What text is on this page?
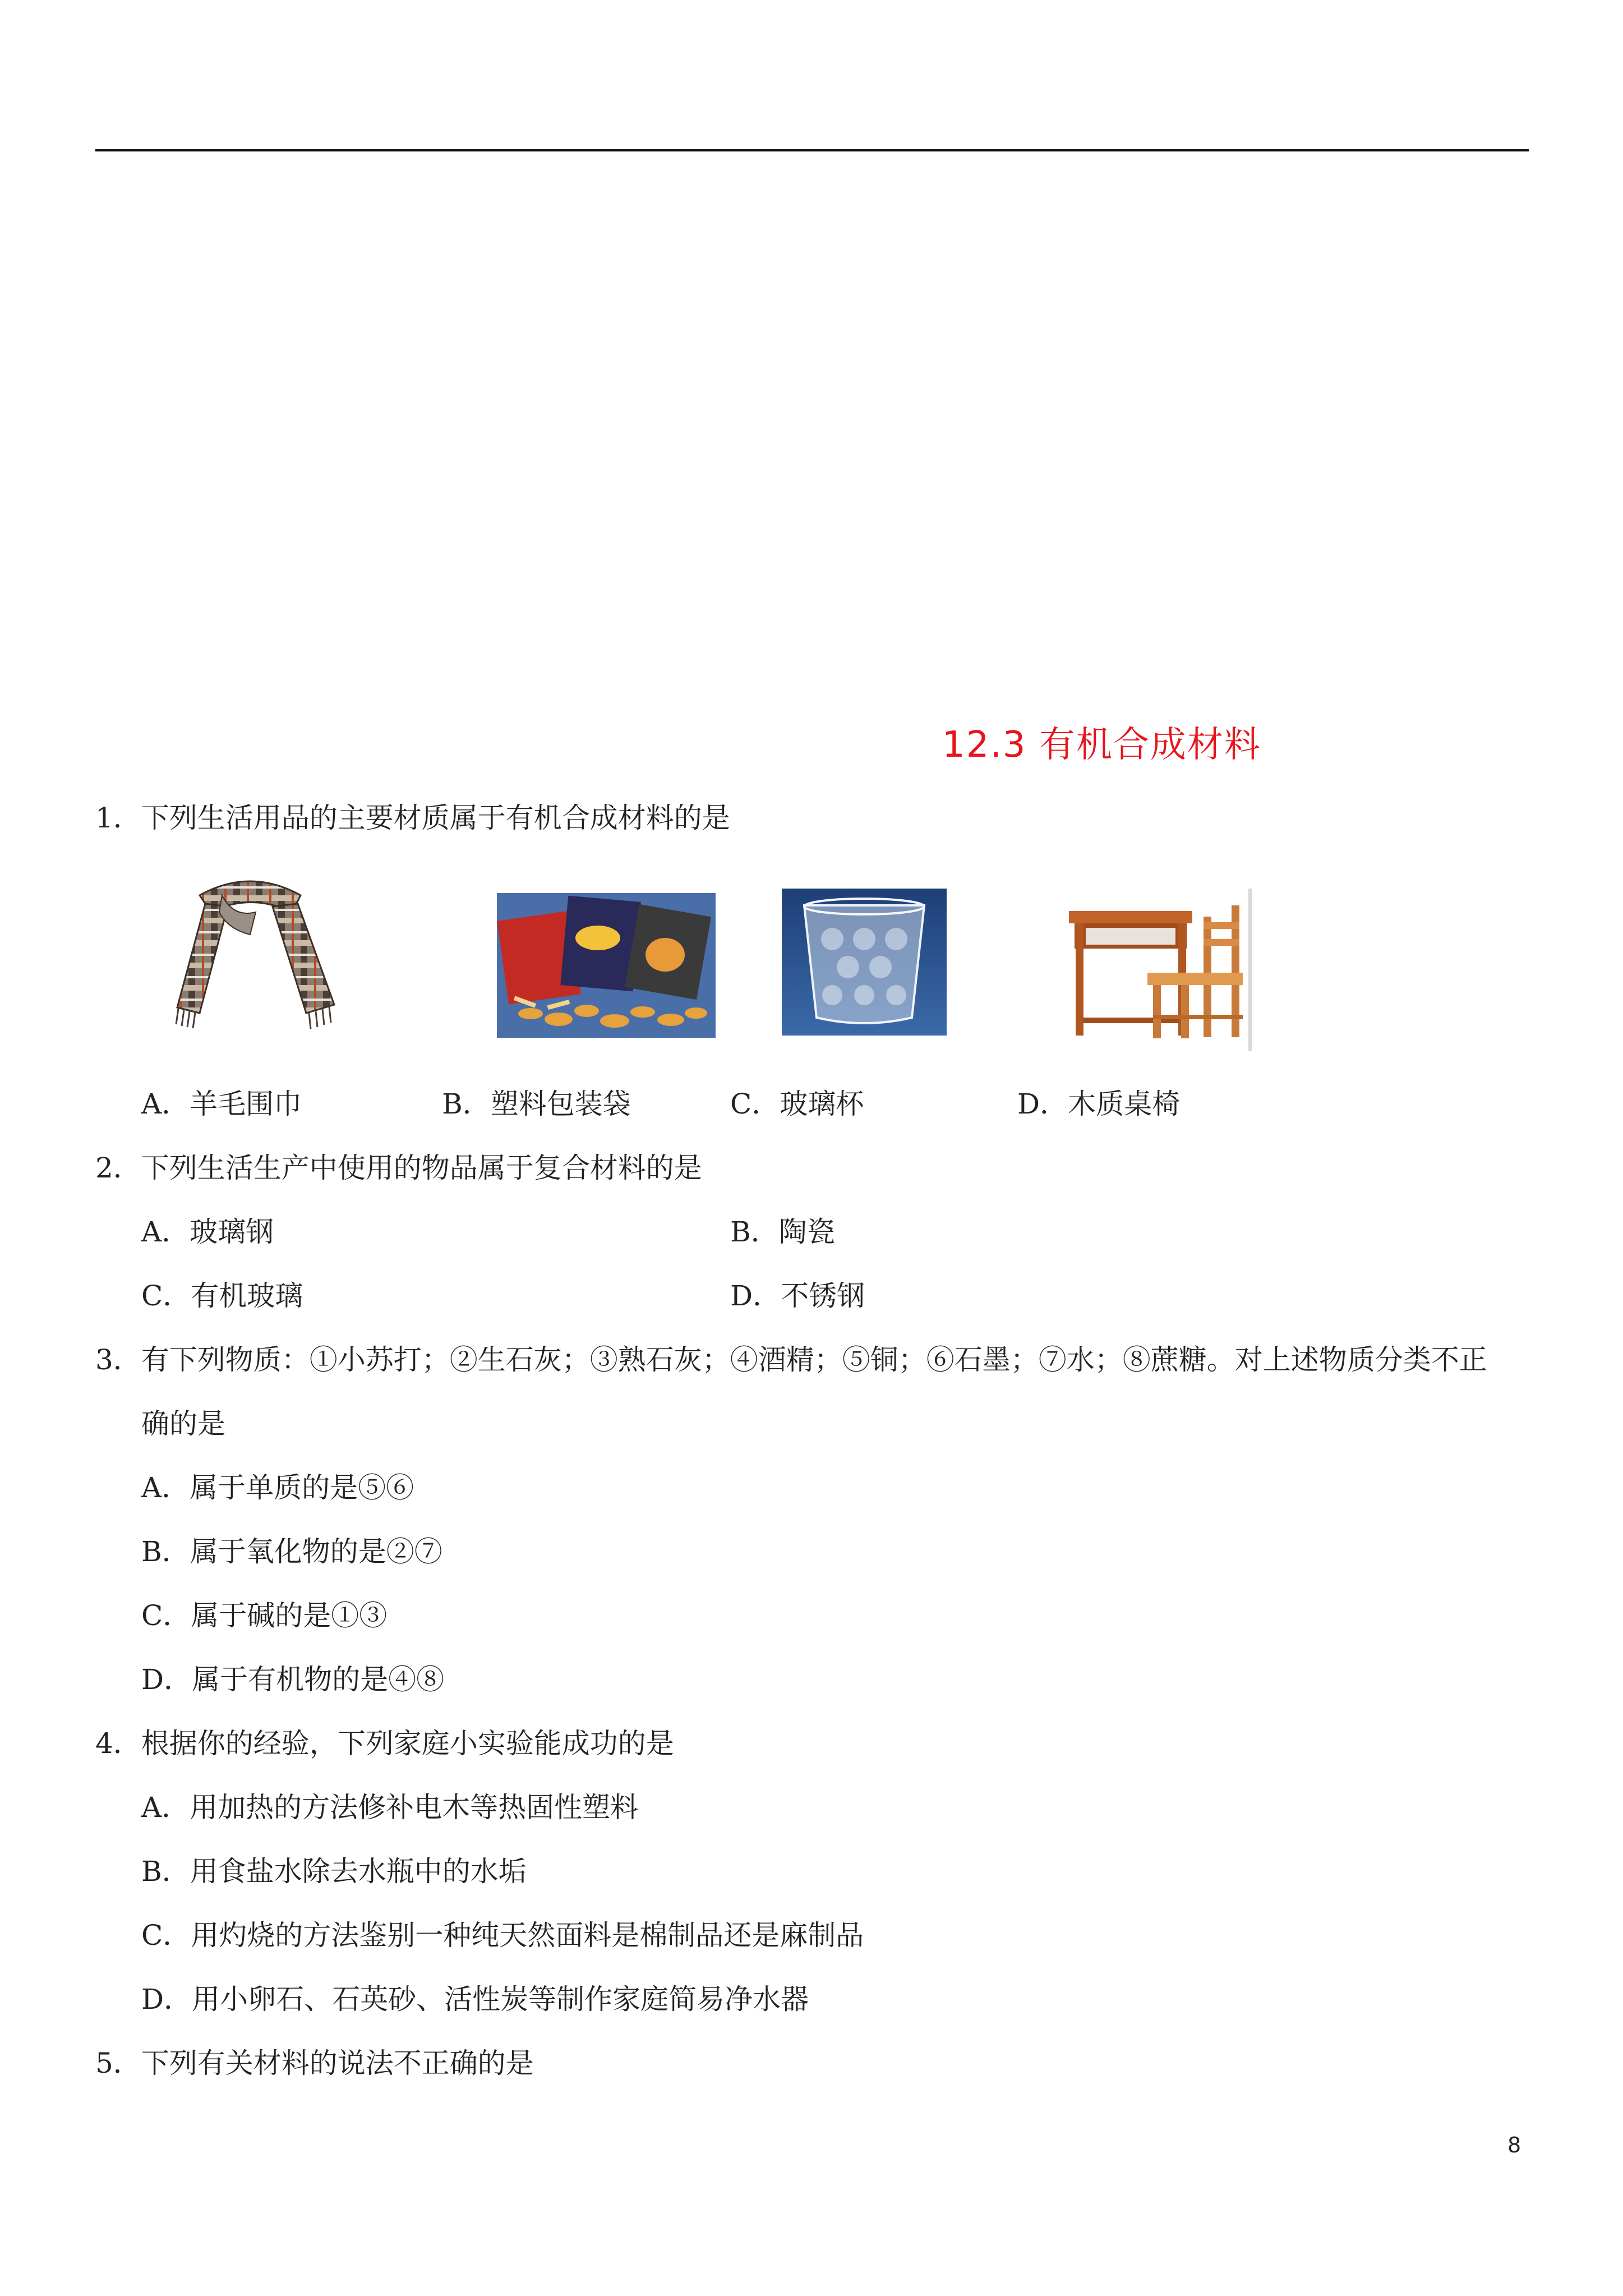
12.3 有机合成材料
1．下列生活用品的主要材质属于有机合成材料的是
A．羊毛围巾	B．塑料包装袋	C．玻璃杯	D．木质桌椅
2．下列生活生产中使用的物品属于复合材料的是
A．玻璃钢	B．陶瓷
C．有机玻璃	D．不锈钢
3．有下列物质：①小苏打；②生石灰；③熟石灰；④酒精；⑤铜；⑥石墨；⑦水；⑧蔗糖。对上述物质分类不正
确的是
A．属于单质的是⑤⑥
B．属于氧化物的是②⑦
C．属于碱的是①③
D．属于有机物的是④⑧
4．根据你的经验，下列家庭小实验能成功的是
A．用加热的方法修补电木等热固性塑料
B．用食盐水除去水瓶中的水垢
C．用灼烧的方法鉴别一种纯天然面料是棉制品还是麻制品
D．用小卵石、石英砂、活性炭等制作家庭简易净水器
5．下列有关材料的说法不正确的是
8
